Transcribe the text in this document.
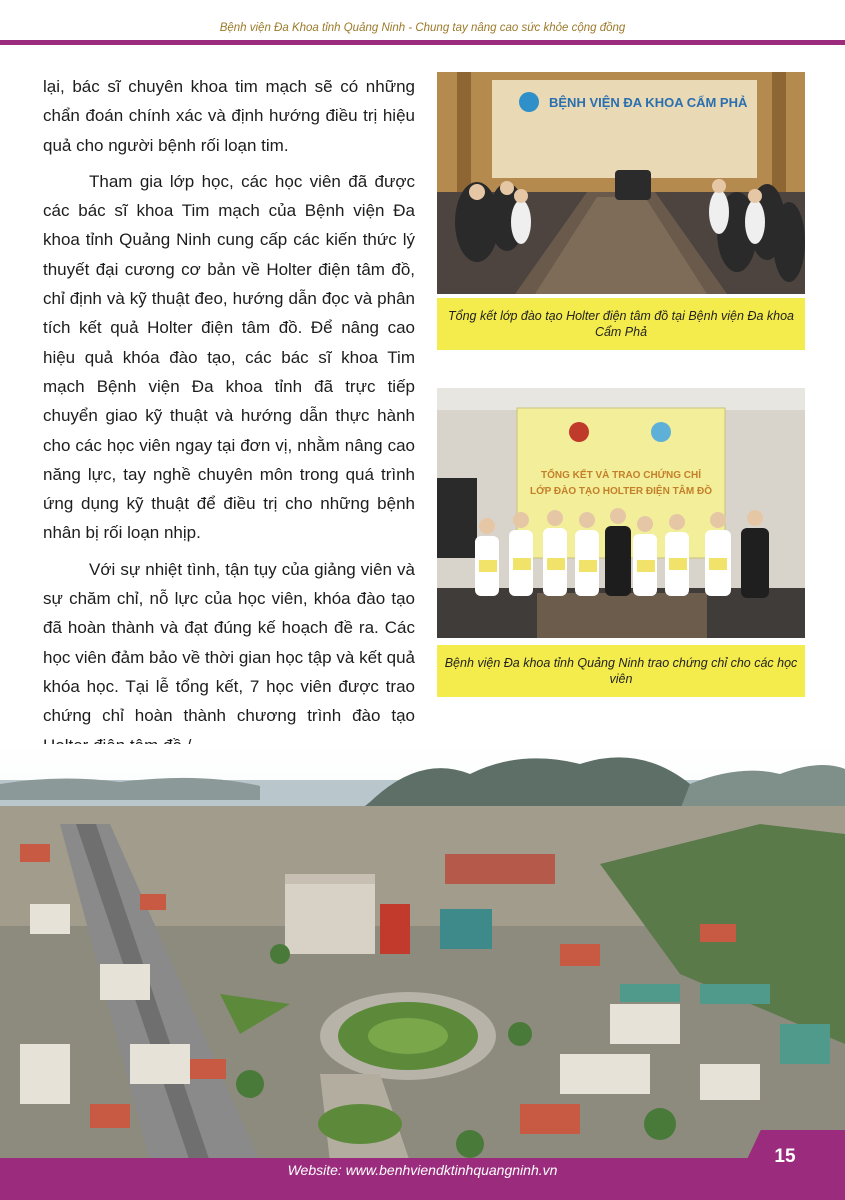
Bệnh viện Đa Khoa tỉnh Quảng Ninh - Chung tay nâng cao sức khỏe cộng đồng

lại, bác sĩ chuyên khoa tim mạch sẽ có những chẩn đoán chính xác và định hướng điều trị hiệu quả cho người bệnh rối loạn tim.

Tham gia lớp học, các học viên đã được các bác sĩ khoa Tim mạch của Bệnh viện Đa khoa tỉnh Quảng Ninh cung cấp các kiến thức lý thuyết đại cương cơ bản về Holter điện tâm đồ, chỉ định và kỹ thuật đeo, hướng dẫn đọc và phân tích kết quả Holter điện tâm đồ. Để nâng cao hiệu quả khóa đào tạo, các bác sĩ khoa Tim mạch Bệnh viện Đa khoa tỉnh đã trực tiếp chuyển giao kỹ thuật và hướng dẫn thực hành cho các học viên ngay tại đơn vị, nhằm nâng cao năng lực, tay nghề chuyên môn trong quá trình ứng dụng kỹ thuật để điều trị cho những bệnh nhân bị rối loạn nhịp.

Với sự nhiệt tình, tận tụy của giảng viên và sự chăm chỉ, nỗ lực của học viên, khóa đào tạo đã hoàn thành và đạt đúng kế hoạch đề ra. Các học viên đảm bảo về thời gian học tập và kết quả khóa học. Tại lễ tổng kết, 7 học viên được trao chứng chỉ hoàn thành chương trình đào tạo

BỆNH VIỆN ĐA KHOA CẨM PHẢ
Tổng kết lớp đào tạo Holter điện tâm đồ tại Bệnh viện Đa khoa Cẩm Phả
TỔNG KẾT VÀ TRAO CHỨNG CHỈ
LỚP ĐÀO TẠO HOLTER ĐIỆN TÂM ĐỒ
Bệnh viện Đa khoa tỉnh Quảng Ninh trao chứng chỉ cho các học viên
Website: www.benhviendktinhquangninh.vn
15
